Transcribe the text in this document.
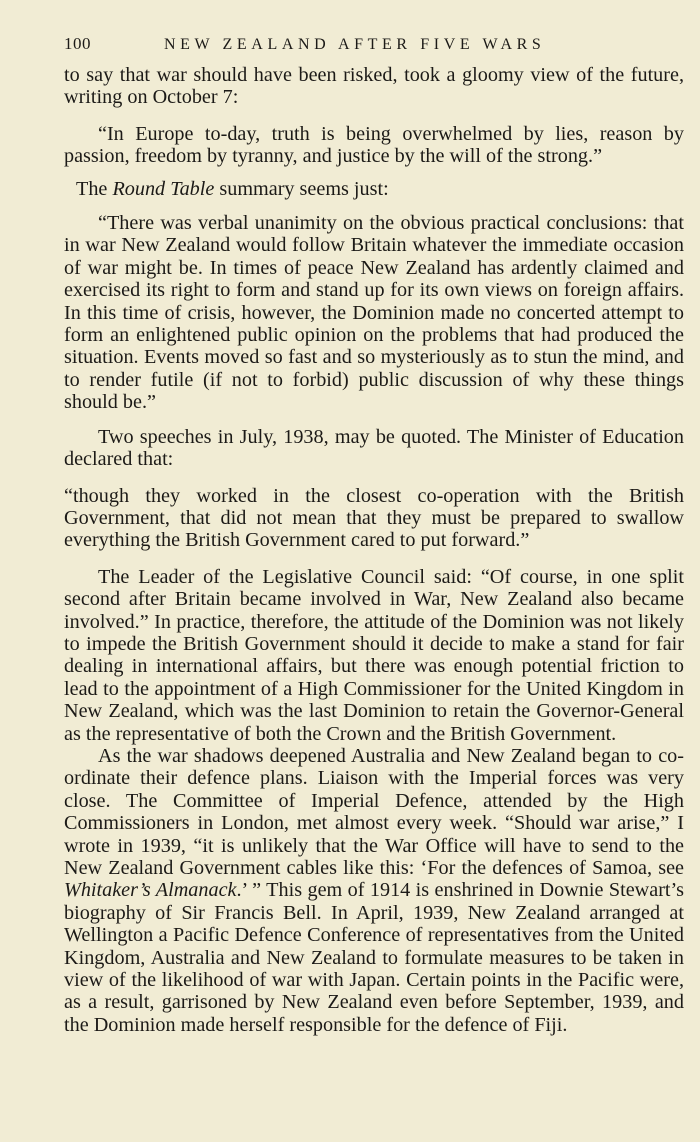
100	NEW ZEALAND AFTER FIVE WARS

to say that war should have been risked, took a gloomy view of the future, writing on October 7:

“In Europe to-day, truth is being overwhelmed by lies, reason by passion, freedom by tyranny, and justice by the will of the strong.”

The Round Table summary seems just:

“There was verbal unanimity on the obvious practical conclusions: that in war New Zealand would follow Britain whatever the immediate occasion of war might be. In times of peace New Zealand has ardently claimed and exercised its right to form and stand up for its own views on foreign affairs. In this time of crisis, however, the Dominion made no concerted attempt to form an enlightened public opinion on the problems that had produced the situation. Events moved so fast and so mysteriously as to stun the mind, and to render futile (if not to forbid) public discussion of why these things should be.”

Two speeches in July, 1938, may be quoted. The Minister of Education declared that:

“though they worked in the closest co-operation with the British Government, that did not mean that they must be prepared to swallow everything the British Government cared to put forward.”

The Leader of the Legislative Council said: “Of course, in one split second after Britain became involved in War, New Zealand also became involved.” In practice, therefore, the attitude of the Dominion was not likely to impede the British Government should it decide to make a stand for fair dealing in international affairs, but there was enough potential friction to lead to the appointment of a High Commissioner for the United Kingdom in New Zealand, which was the last Dominion to retain the Governor-General as the representative of both the Crown and the British Government.

As the war shadows deepened Australia and New Zealand began to co-ordinate their defence plans. Liaison with the Imperial forces was very close. The Committee of Imperial Defence, attended by the High Commissioners in London, met almost every week. “Should war arise,” I wrote in 1939, “it is unlikely that the War Office will have to send to the New Zealand Government cables like this: ‘For the defences of Samoa, see Whitaker’s Almanack.’ ” This gem of 1914 is enshrined in Downie Stewart’s biography of Sir Francis Bell. In April, 1939, New Zealand arranged at Wellington a Pacific Defence Conference of representatives from the United Kingdom, Australia and New Zealand to formulate measures to be taken in view of the likelihood of war with Japan. Certain points in the Pacific were, as a result, garrisoned by New Zealand even before September, 1939, and the Dominion made herself responsible for the defence of Fiji.
